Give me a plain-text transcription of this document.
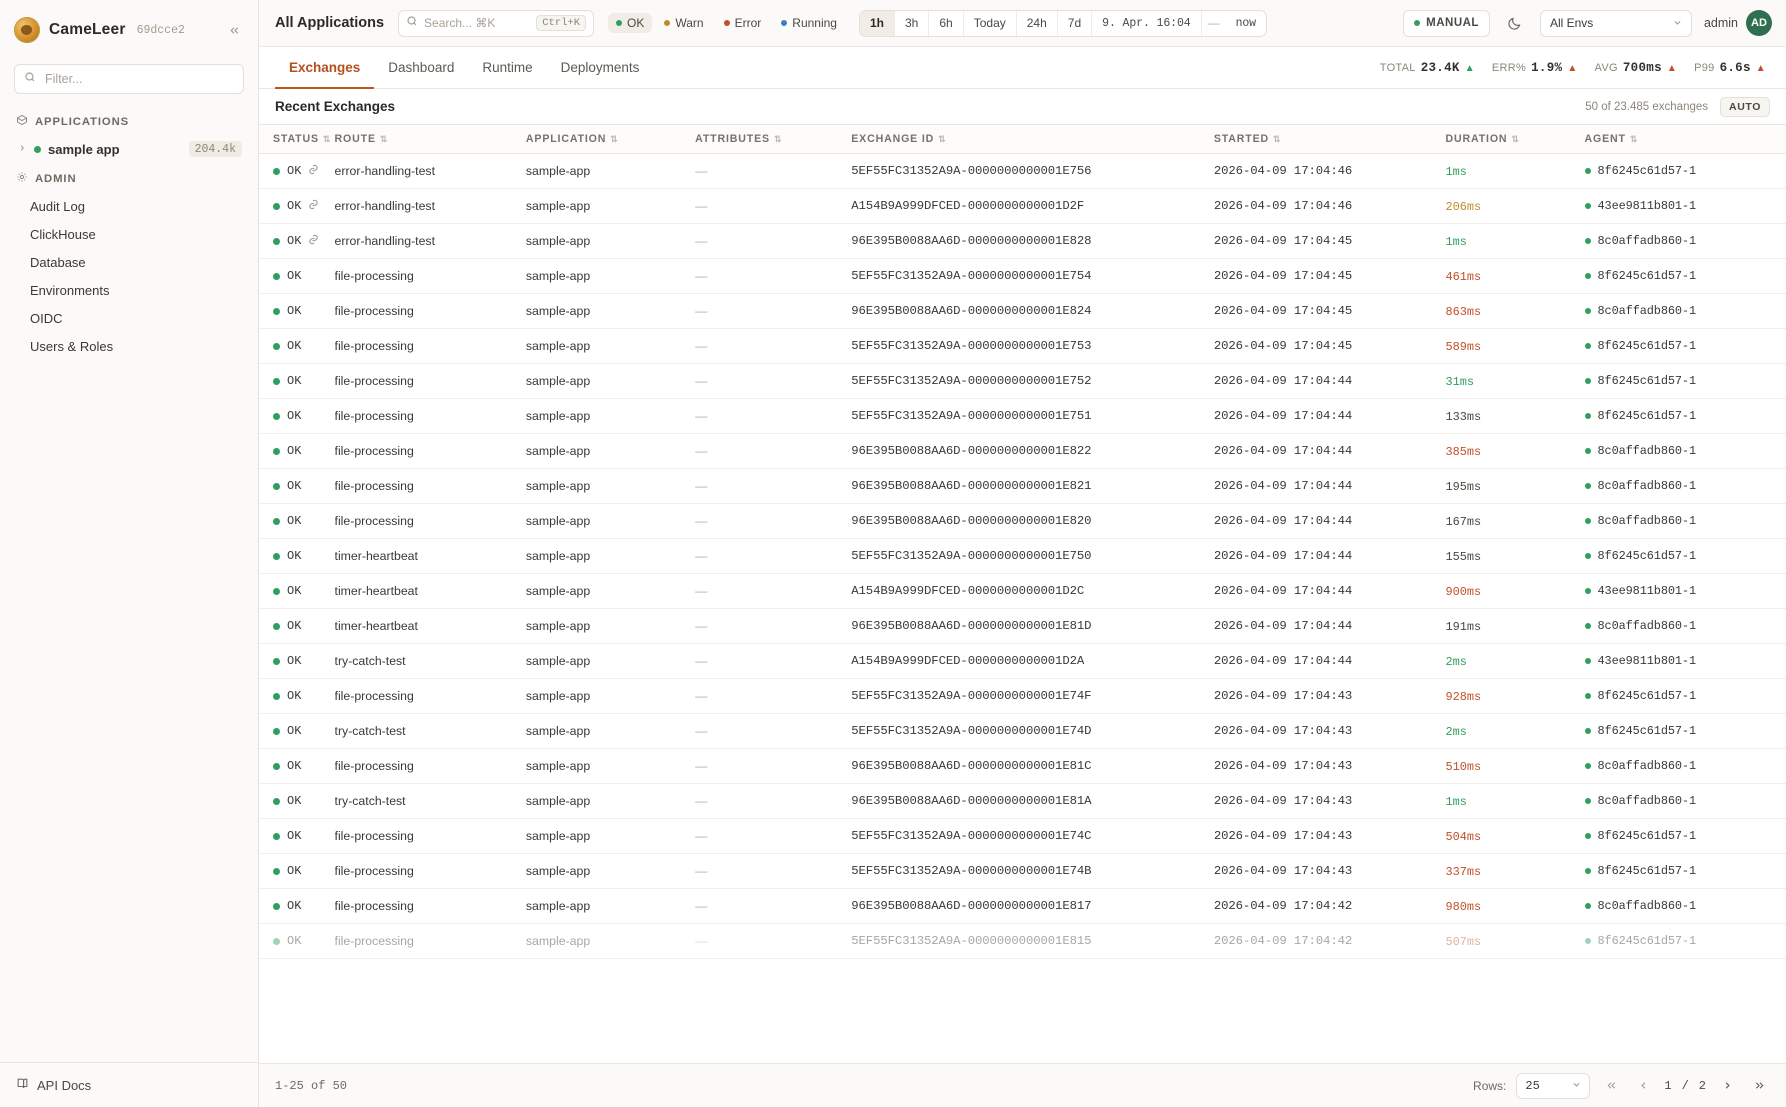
CameLeer 69dcce2
Filter...
APPLICATIONS
sample app	204.4k
ADMIN
Audit Log
ClickHouse
Database
Environments
OIDC
Users & Roles
API Docs
All Applications	Search... ⌘K	Ctrl+K	OK	Warn	Error	Running	1h	3h	6h	Today	24h	7d	9. Apr. 16:04	—	now	MANUAL	All Envs	admin	AD
Exchanges	Dashboard	Runtime	Deployments	TOTAL 23.4K ▲ ERR% 1.9% ▲ AVG 700ms ▲ P99 6.6s ▲
Recent Exchanges	50 of 23.485 exchanges	AUTO
STATUS ⇅	ROUTE ⇅	APPLICATION ⇅	ATTRIBUTES ⇅	EXCHANGE ID ⇅	STARTED ⇅	DURATION ⇅	AGENT ⇅

OK	error-handling-test	sample-app	—	5EF55FC31352A9A-0000000000001E756	2026-04-09 17:04:46	1ms	8f6245c61d57-1

OK	error-handling-test	sample-app	—	A154B9A999DFCED-0000000000001D2F	2026-04-09 17:04:46	206ms	43ee9811b801-1

OK	error-handling-test	sample-app	—	96E395B0088AA6D-0000000000001E828	2026-04-09 17:04:45	1ms	8c0affadb860-1

OK	file-processing	sample-app	—	5EF55FC31352A9A-0000000000001E754	2026-04-09 17:04:45	461ms	8f6245c61d57-1

OK	file-processing	sample-app	—	96E395B0088AA6D-0000000000001E824	2026-04-09 17:04:45	863ms	8c0affadb860-1

OK	file-processing	sample-app	—	5EF55FC31352A9A-0000000000001E753	2026-04-09 17:04:45	589ms	8f6245c61d57-1

OK	file-processing	sample-app	—	5EF55FC31352A9A-0000000000001E752	2026-04-09 17:04:44	31ms	8f6245c61d57-1

OK	file-processing	sample-app	—	5EF55FC31352A9A-0000000000001E751	2026-04-09 17:04:44	133ms	8f6245c61d57-1

OK	file-processing	sample-app	—	96E395B0088AA6D-0000000000001E822	2026-04-09 17:04:44	385ms	8c0affadb860-1

OK	file-processing	sample-app	—	96E395B0088AA6D-0000000000001E821	2026-04-09 17:04:44	195ms	8c0affadb860-1

OK	file-processing	sample-app	—	96E395B0088AA6D-0000000000001E820	2026-04-09 17:04:44	167ms	8c0affadb860-1

OK	timer-heartbeat	sample-app	—	5EF55FC31352A9A-0000000000001E750	2026-04-09 17:04:44	155ms	8f6245c61d57-1

OK	timer-heartbeat	sample-app	—	A154B9A999DFCED-0000000000001D2C	2026-04-09 17:04:44	900ms	43ee9811b801-1

OK	timer-heartbeat	sample-app	—	96E395B0088AA6D-0000000000001E81D	2026-04-09 17:04:44	191ms	8c0affadb860-1

OK	try-catch-test	sample-app	—	A154B9A999DFCED-0000000000001D2A	2026-04-09 17:04:44	2ms	43ee9811b801-1

OK	file-processing	sample-app	—	5EF55FC31352A9A-0000000000001E74F	2026-04-09 17:04:43	928ms	8f6245c61d57-1

OK	try-catch-test	sample-app	—	5EF55FC31352A9A-0000000000001E74D	2026-04-09 17:04:43	2ms	8f6245c61d57-1

OK	file-processing	sample-app	—	96E395B0088AA6D-0000000000001E81C	2026-04-09 17:04:43	510ms	8c0affadb860-1

OK	try-catch-test	sample-app	—	96E395B0088AA6D-0000000000001E81A	2026-04-09 17:04:43	1ms	8c0affadb860-1

OK	file-processing	sample-app	—	5EF55FC31352A9A-0000000000001E74C	2026-04-09 17:04:43	504ms	8f6245c61d57-1

OK	file-processing	sample-app	—	5EF55FC31352A9A-0000000000001E74B	2026-04-09 17:04:43	337ms	8f6245c61d57-1

OK	file-processing	sample-app	—	96E395B0088AA6D-0000000000001E817	2026-04-09 17:04:42	980ms	8c0affadb860-1

OK	file-processing	sample-app	—	5EF55FC31352A9A-0000000000001E815	2026-04-09 17:04:42	507ms	8f6245c61d57-1
1-25 of 50	Rows: 25	1 / 2
